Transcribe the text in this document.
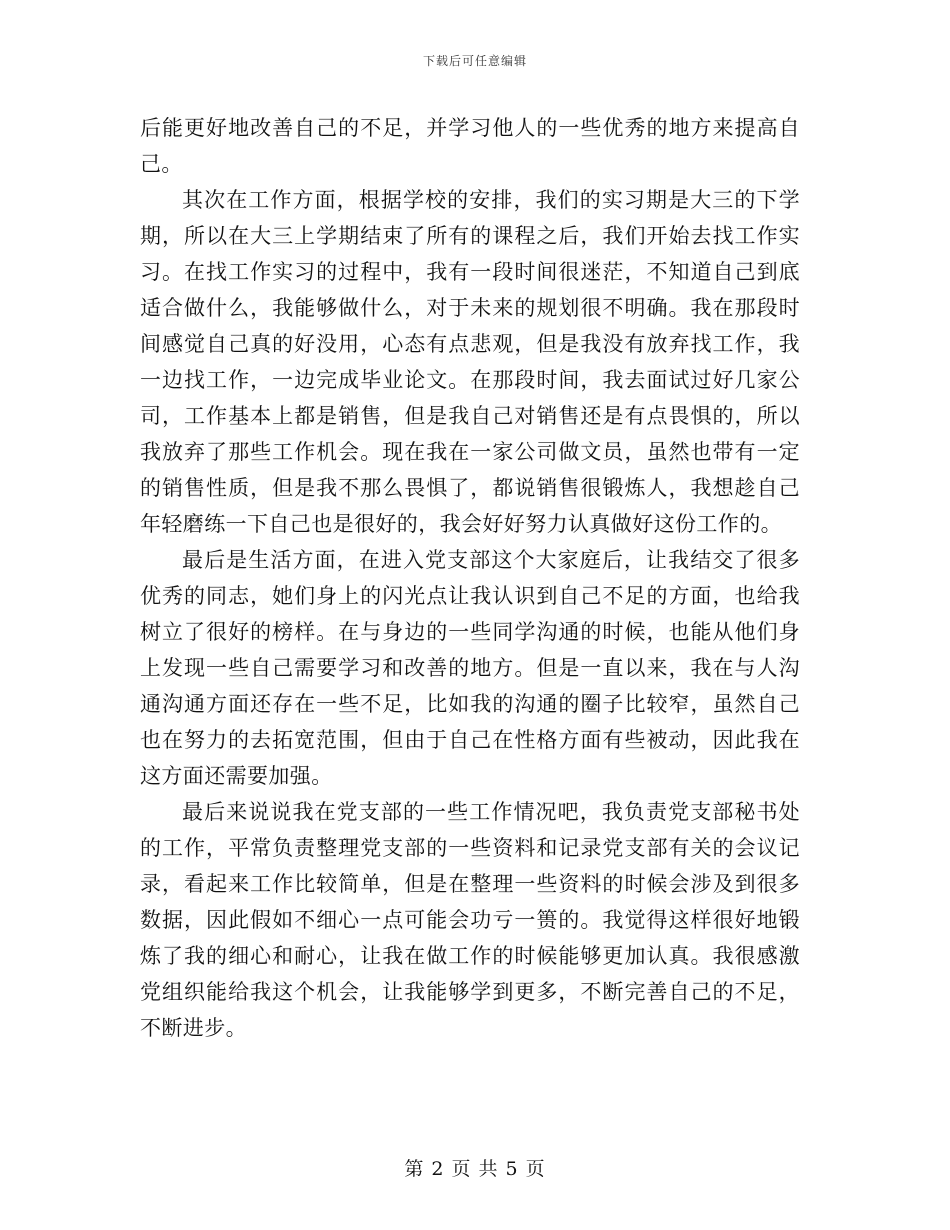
下载后可任意编辑

后能更好地改善自己的不足，并学习他人的一些优秀的地方来提高自己。

其次在工作方面，根据学校的安排，我们的实习期是大三的下学期，所以在大三上学期结束了所有的课程之后，我们开始去找工作实习。在找工作实习的过程中，我有一段时间很迷茫，不知道自己到底适合做什么，我能够做什么，对于未来的规划很不明确。我在那段时间感觉自己真的好没用，心态有点悲观，但是我没有放弃找工作，我一边找工作，一边完成毕业论文。在那段时间，我去面试过好几家公司，工作基本上都是销售，但是我自己对销售还是有点畏惧的，所以我放弃了那些工作机会。现在我在一家公司做文员，虽然也带有一定的销售性质，但是我不那么畏惧了，都说销售很锻炼人，我想趁自己年轻磨练一下自己也是很好的，我会好好努力认真做好这份工作的。

最后是生活方面，在进入党支部这个大家庭后，让我结交了很多优秀的同志，她们身上的闪光点让我认识到自己不足的方面，也给我树立了很好的榜样。在与身边的一些同学沟通的时候，也能从他们身上发现一些自己需要学习和改善的地方。但是一直以来，我在与人沟通沟通方面还存在一些不足，比如我的沟通的圈子比较窄，虽然自己也在努力的去拓宽范围，但由于自己在性格方面有些被动，因此我在这方面还需要加强。

最后来说说我在党支部的一些工作情况吧，我负责党支部秘书处的工作，平常负责整理党支部的一些资料和记录党支部有关的会议记录，看起来工作比较简单，但是在整理一些资料的时候会涉及到很多数据，因此假如不细心一点可能会功亏一篑的。我觉得这样很好地锻炼了我的细心和耐心，让我在做工作的时候能够更加认真。我很感激党组织能给我这个机会，让我能够学到更多，不断完善自己的不足，不断进步。

第 2 页 共 5 页
